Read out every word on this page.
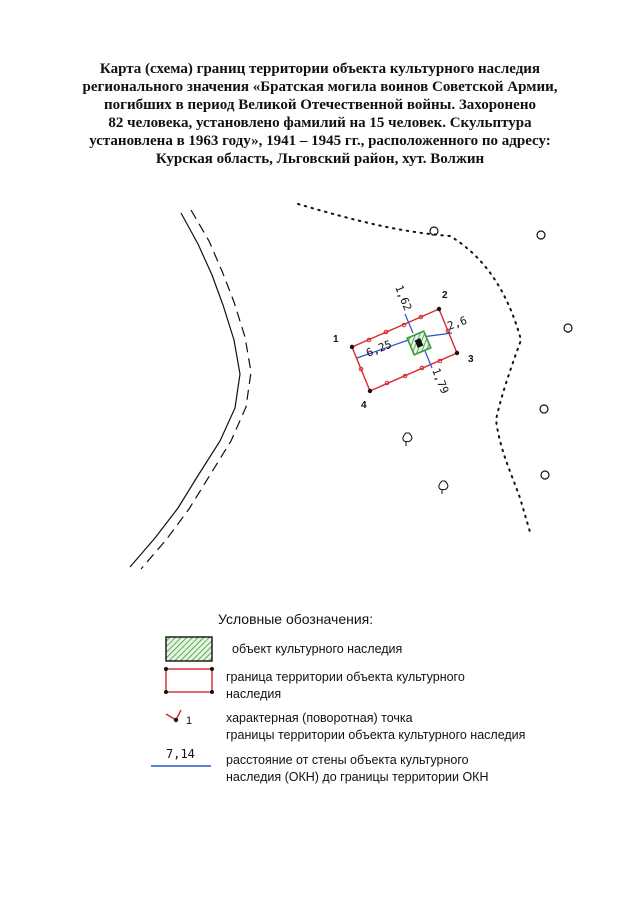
Карта (схема) границ территории объекта культурного наследия
регионального значения «Братская могила воинов Советской Армии,
погибших в период Великой Отечественной войны. Захоронено
82 человека, установлено фамилий на 15 человек. Скульптура
установлена в 1963 году», 1941 – 1945 гг., расположенного по адресу:
Курская область, Льговский район, хут. Волжин
1
2
3
4
1,62
2,6
6,25
1,79
Условные обозначения:
объект культурного наследия
граница территории объекта культурного
наследия
1	характерная (поворотная) точка
границы территории объекта культурного наследия
7,14 расстояние от стены объекта культурного
наследия (ОКН) до границы территории ОКН
